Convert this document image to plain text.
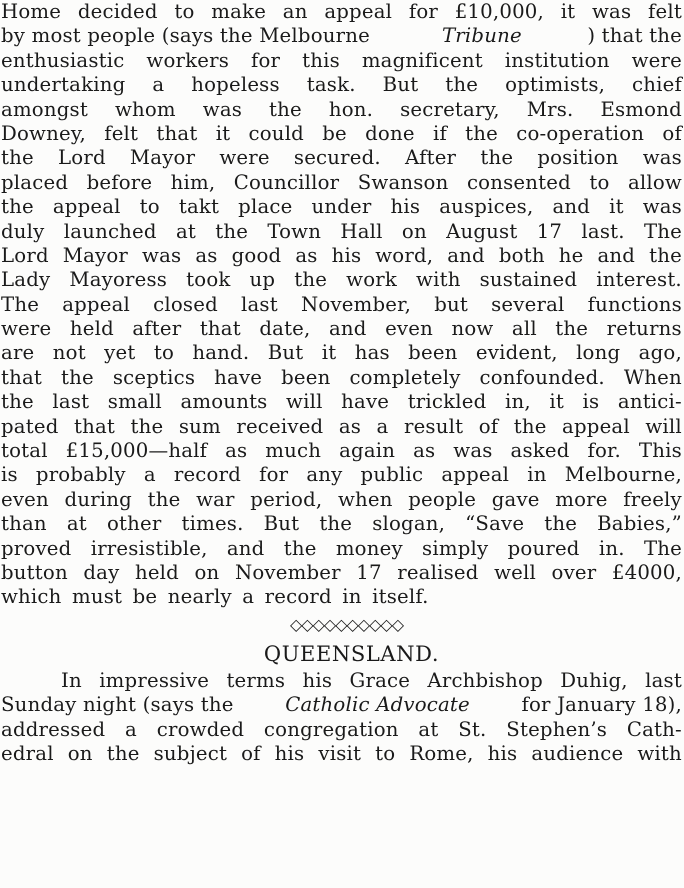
Home decided to make an appeal for £10,000, it was felt
by most people (says the Melbourne	Tribune	) that the
enthusiastic workers for this magnificent institution were
undertaking a hopeless task. But the optimists, chief
amongst whom was the hon. secretary, Mrs. Esmond
Downey, felt that it could be done if the co-operation of
the Lord Mayor were secured. After the position was
placed before him, Councillor Swanson consented to allow
the appeal to takt place under his auspices, and it was
duly launched at the Town Hall on August 17 last. The
Lord Mayor was as good as his word, and both he and the
Lady Mayoress took up the work with sustained interest.
The appeal closed last November, but several functions
were held after that date, and even now all the returns
are not yet to hand. But it has been evident, long ago,
that the sceptics have been completely confounded. When
the last small amounts will have trickled in, it is antici-
pated that the sum received as a result of the appeal will
total £15,000—half as much again as was asked for. This
is probably a record for any public appeal in Melbourne,
even during the war period, when people gave more freely
than at other times. But the slogan, “Save the Babies,”
proved irresistible, and the money simply poured in. The
button day held on November 17 realised well over £4000,
which must be nearly a record in itself.
◇◇◇◇◇◇◇◇◇◇
QUEENSLAND.
In impressive terms his Grace Archbishop Duhig, last
Sunday night (says the Catholic Advocate for January 18),
addressed a crowded congregation at St. Stephen’s Cath-
edral on the subject of his visit to Rome, his audience with
